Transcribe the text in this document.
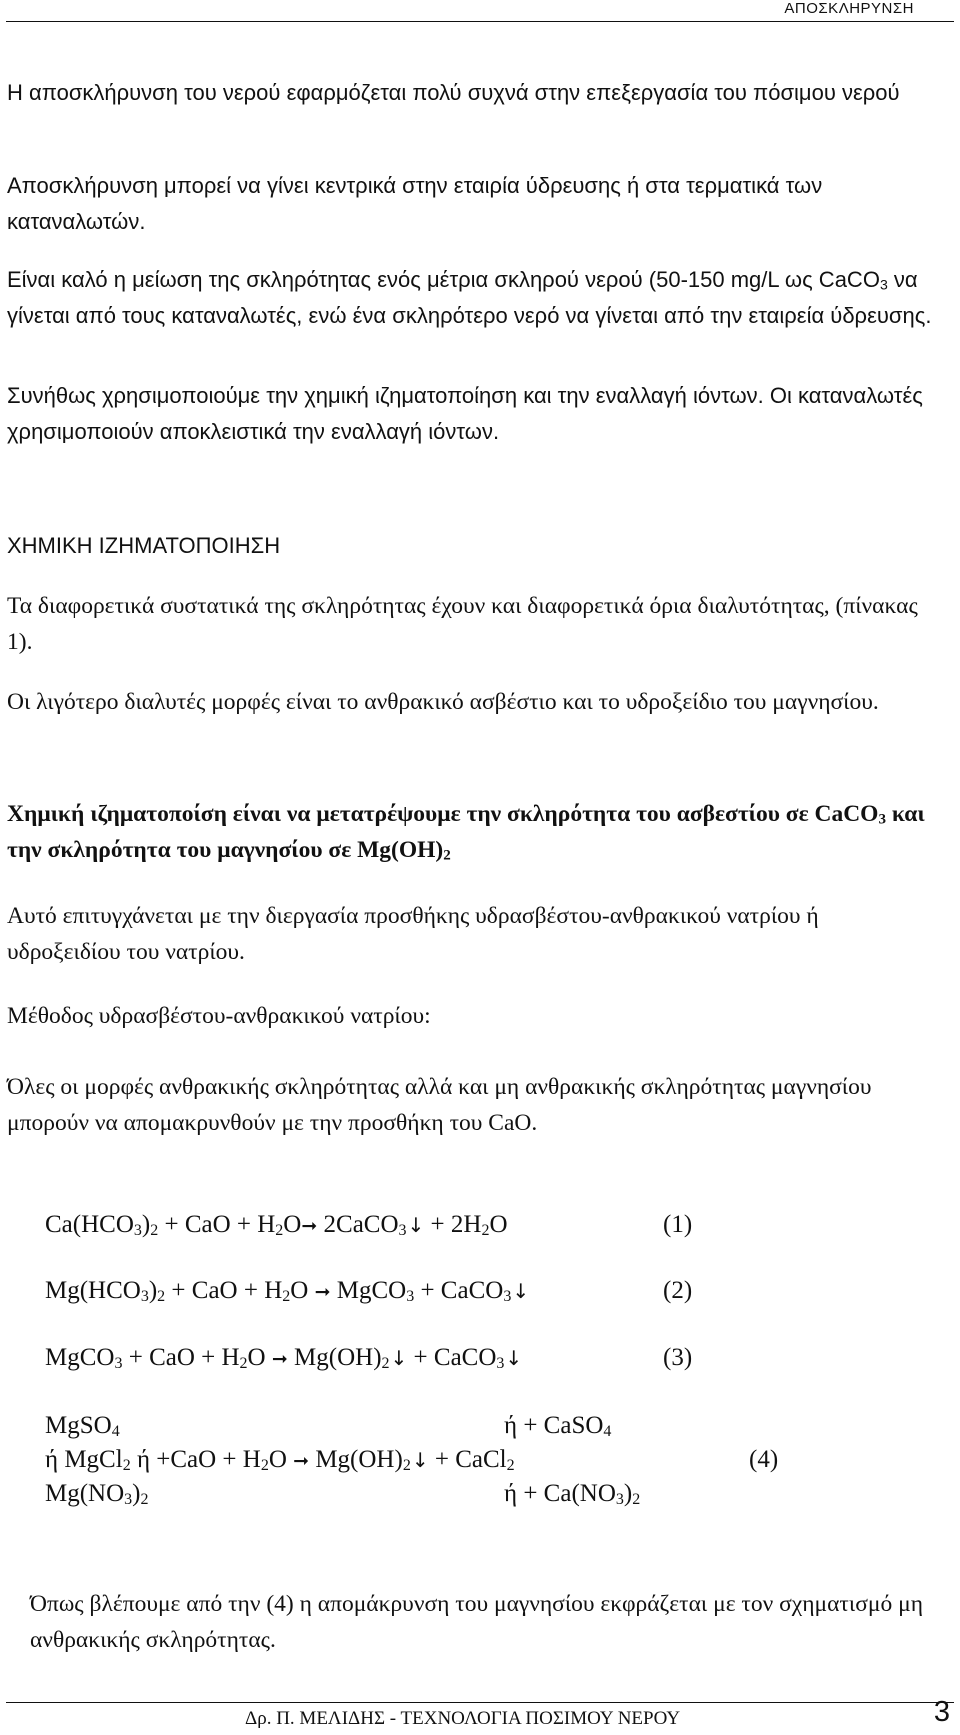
ΑΠΟΣΚΛΗΡΥΝΣΗ

Η αποσκλήρυνση του νερού εφαρμόζεται πολύ συχνά στην επεξεργασία του πόσιμου νερού

Αποσκλήρυνση μπορεί να γίνει κεντρικά στην εταιρία ύδρευσης ή στα τερματικά των καταναλωτών.

Είναι καλό η μείωση της σκληρότητας ενός μέτρια σκληρού νερού (50-150 mg/L ως CaCO$_3$ να γίνεται από τους καταναλωτές, ενώ ένα σκληρότερο νερό να γίνεται από την εταιρεία ύδρευσης.

Συνήθως χρησιμοποιούμε την χημική ιζηματοποίηση και την εναλλαγή ιόντων. Οι καταναλωτές χρησιμοποιούν αποκλειστικά την εναλλαγή ιόντων.

ΧΗΜΙΚΗ ΙΖΗΜΑΤΟΠΟΙΗΣΗ

Τα διαφορετικά συστατικά της σκληρότητας έχουν και διαφορετικά όρια διαλυτότητας, (πίνακας 1).

Οι λιγότερο διαλυτές μορφές είναι το ανθρακικό ασβέστιο και το υδροξείδιο του μαγνησίου.

Χημική ιζηματοποίση είναι να μετατρέψουμε την σκληρότητα του ασβεστίου σε CaCO$_3$ και την σκληρότητα του μαγνησίου σε $Mg(OH)_2$

Αυτό επιτυγχάνεται με την διεργασία προσθήκης υδρασβέστου-ανθρακικού νατρίου ή υδροξειδίου του νατρίου.

Μέθοδος υδρασβέστου-ανθρακικού νατρίου:

Όλες οι μορφές ανθρακικής σκληρότητας αλλά και μη ανθρακικής σκληρότητας μαγνησίου μπορούν να απομακρυνθούν με την προσθήκη του CaO.

$Ca(HCO_3)_2$ + CaO + $H_2O➞$ 2CaCO$_3$↓ + $2H_2O$	(1)
$Mg(HCO_3)_2$ + CaO + $H_2O$ ➞ MgCO$_3$ + CaCO$_3$↓	(2)
MgCO$_3$ + CaO + $H_2O$ ➞ $Mg(OH)_2↓$ + CaCO$_3$↓	(3)
MgSO$_4$	ή + CaSO$_4$
ή MgCl$_2$ $ή +CaO + H_2O$ ➞ $Mg(OH)_2↓$ + CaCl$_2$	(4)
$Mg(NO_3)_2$	$ή + Ca(NO_3)_2$

Όπως βλέπουμε από την (4) η απομάκρυνση του μαγνησίου εκφράζεται με τον σχηματισμό μη ανθρακικής σκληρότητας.

Δρ. Π. ΜΕΛΙΔΗΣ - ΤΕΧΝΟΛΟΓΙΑ ΠΟΣΙΜΟΥ ΝΕΡΟΥ	3
